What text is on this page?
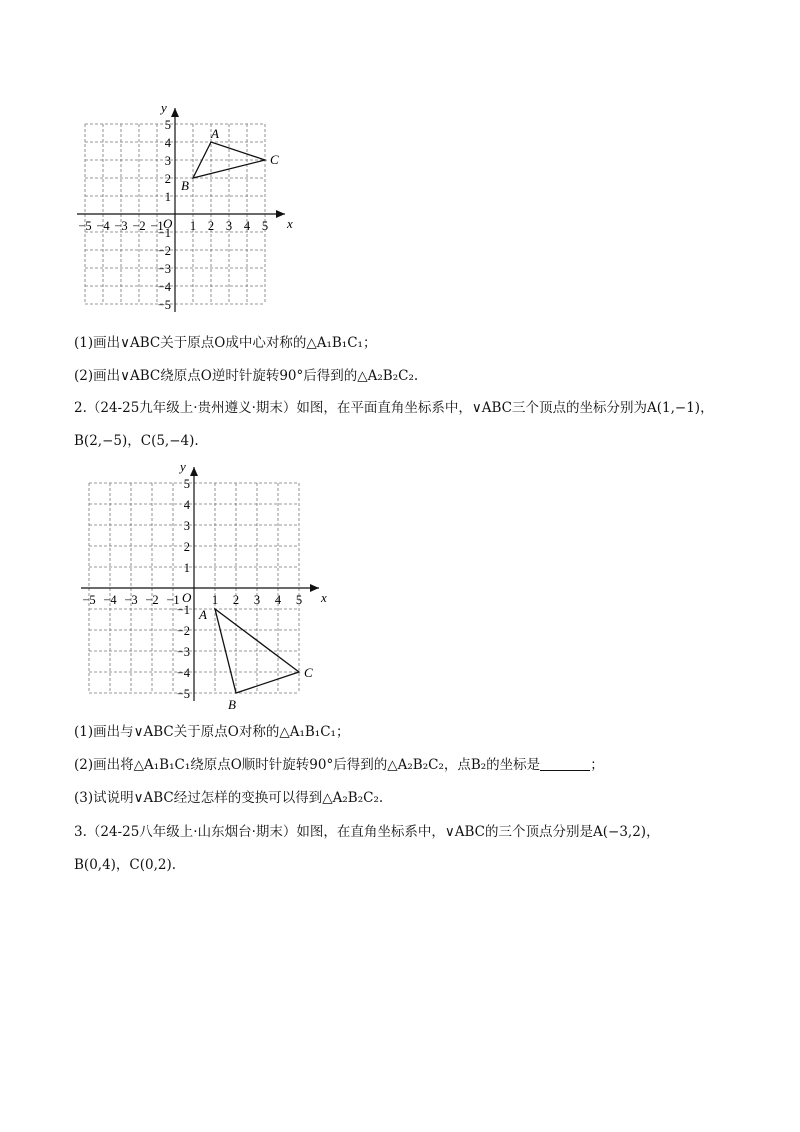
x
y
O
−5 −4 −3 −2 −1 1 2 3 4 5
5
4
3
2
1
−1
−2
−3
−4
−5
A
B
C
(1)画出∨ABC关于原点O成中心对称的△A₁B₁C₁；
(2)画出∨ABC绕原点O逆时针旋转90°后得到的△A₂B₂C₂.
2.（24-25九年级上·贵州遵义·期末）如图，在平面直角坐标系中，∨ABC三个顶点的坐标分别为A(1,−1)，
B(2,−5)，C(5,−4).
x
y
O
−5 −4 −3 −2 −1	1 2 3 4 5
5
4
3
2
1
−1
−2
−3
−4
−5
A
B
C
(1)画出与∨ABC关于原点O对称的△A₁B₁C₁；
(2)画出将△A₁B₁C₁绕原点O顺时针旋转90°后得到的△A₂B₂C₂，点B₂的坐标是	；
(3)试说明∨ABC经过怎样的变换可以得到△A₂B₂C₂.
3.（24-25八年级上·山东烟台·期末）如图，在直角坐标系中，∨ABC的三个顶点分别是A(−3,2)，
B(0,4)，C(0,2).
